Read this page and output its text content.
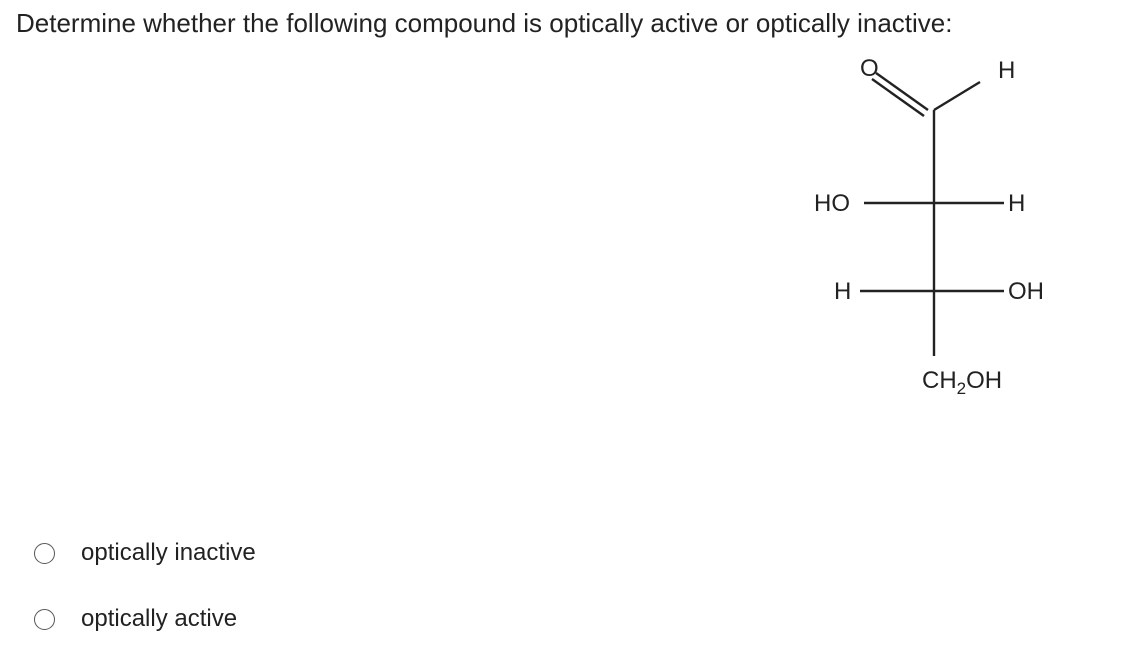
Determine whether the following compound is optically active or optically inactive:
O	H
HO	H
H	OH
$CH_2OH$
optically inactive
optically active
